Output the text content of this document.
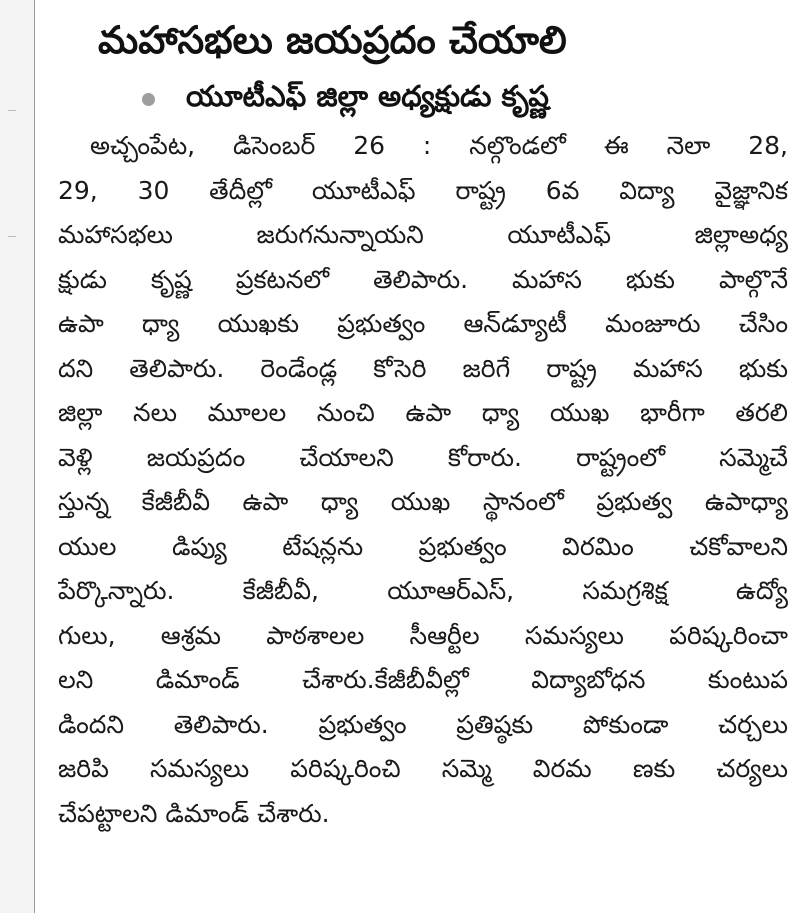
మహాసభలు జయప్రదం చేయాలి
యూటీఎఫ్ జిల్లా అధ్యక్షుడు కృష్ణ
అచ్చంపేట, డిసెంబర్ 26 : నల్గొండలో ఈ నెలా 28,
29, 30 తేదీల్లో యూటీఎఫ్ రాష్ట్ర 6వ విద్యా వైజ్ఞానిక
మహాసభలు జరుగనున్నాయని యూటీఎఫ్ జిల్లాఅధ్య
క్షుడు కృష్ణ ప్రకటనలో తెలిపారు. మహాస భుకు పాల్గొనే
ఉపా ధ్యా యుఖకు ప్రభుత్వం ఆన్‌డ్యూటీ మంజూరు చేసిం
దని తెలిపారు. రెండేండ్ల కోసెరి జరిగే రాష్ట్ర మహాస భుకు
జిల్లా నలు మూలల నుంచి ఉపా ధ్యా యుఖ భారీగా తరలి
వెళ్లి జయప్రదం చేయాలని కోరారు. రాష్ట్రంలో సమ్మెచే
స్తున్న కేజీబీవీ ఉపా ధ్యా యుఖ స్థానంలో ప్రభుత్వ ఉపాధ్యా
యుల డిప్యు టేషన్లను ప్రభుత్వం విరమిం చకోవాలని
పేర్కొన్నారు. కేజీబీవీ, యూఆర్ఎస్, సమగ్రశిక్ష ఉద్యో
గులు, ఆశ్రమ పాఠశాలల సీఆర్టీల సమస్యలు పరిష్కరించా
లని డిమాండ్ చేశారు.కేజీబీవీల్లో విద్యాబోధన కుంటుప
డిందని తెలిపారు. ప్రభుత్వం ప్రతిష్ఠకు పోకుండా చర్చలు
జరిపి సమస్యలు పరిష్కరించి సమ్మె విరమ ణకు చర్యలు
చేపట్టాలని డిమాండ్ చేశారు.
